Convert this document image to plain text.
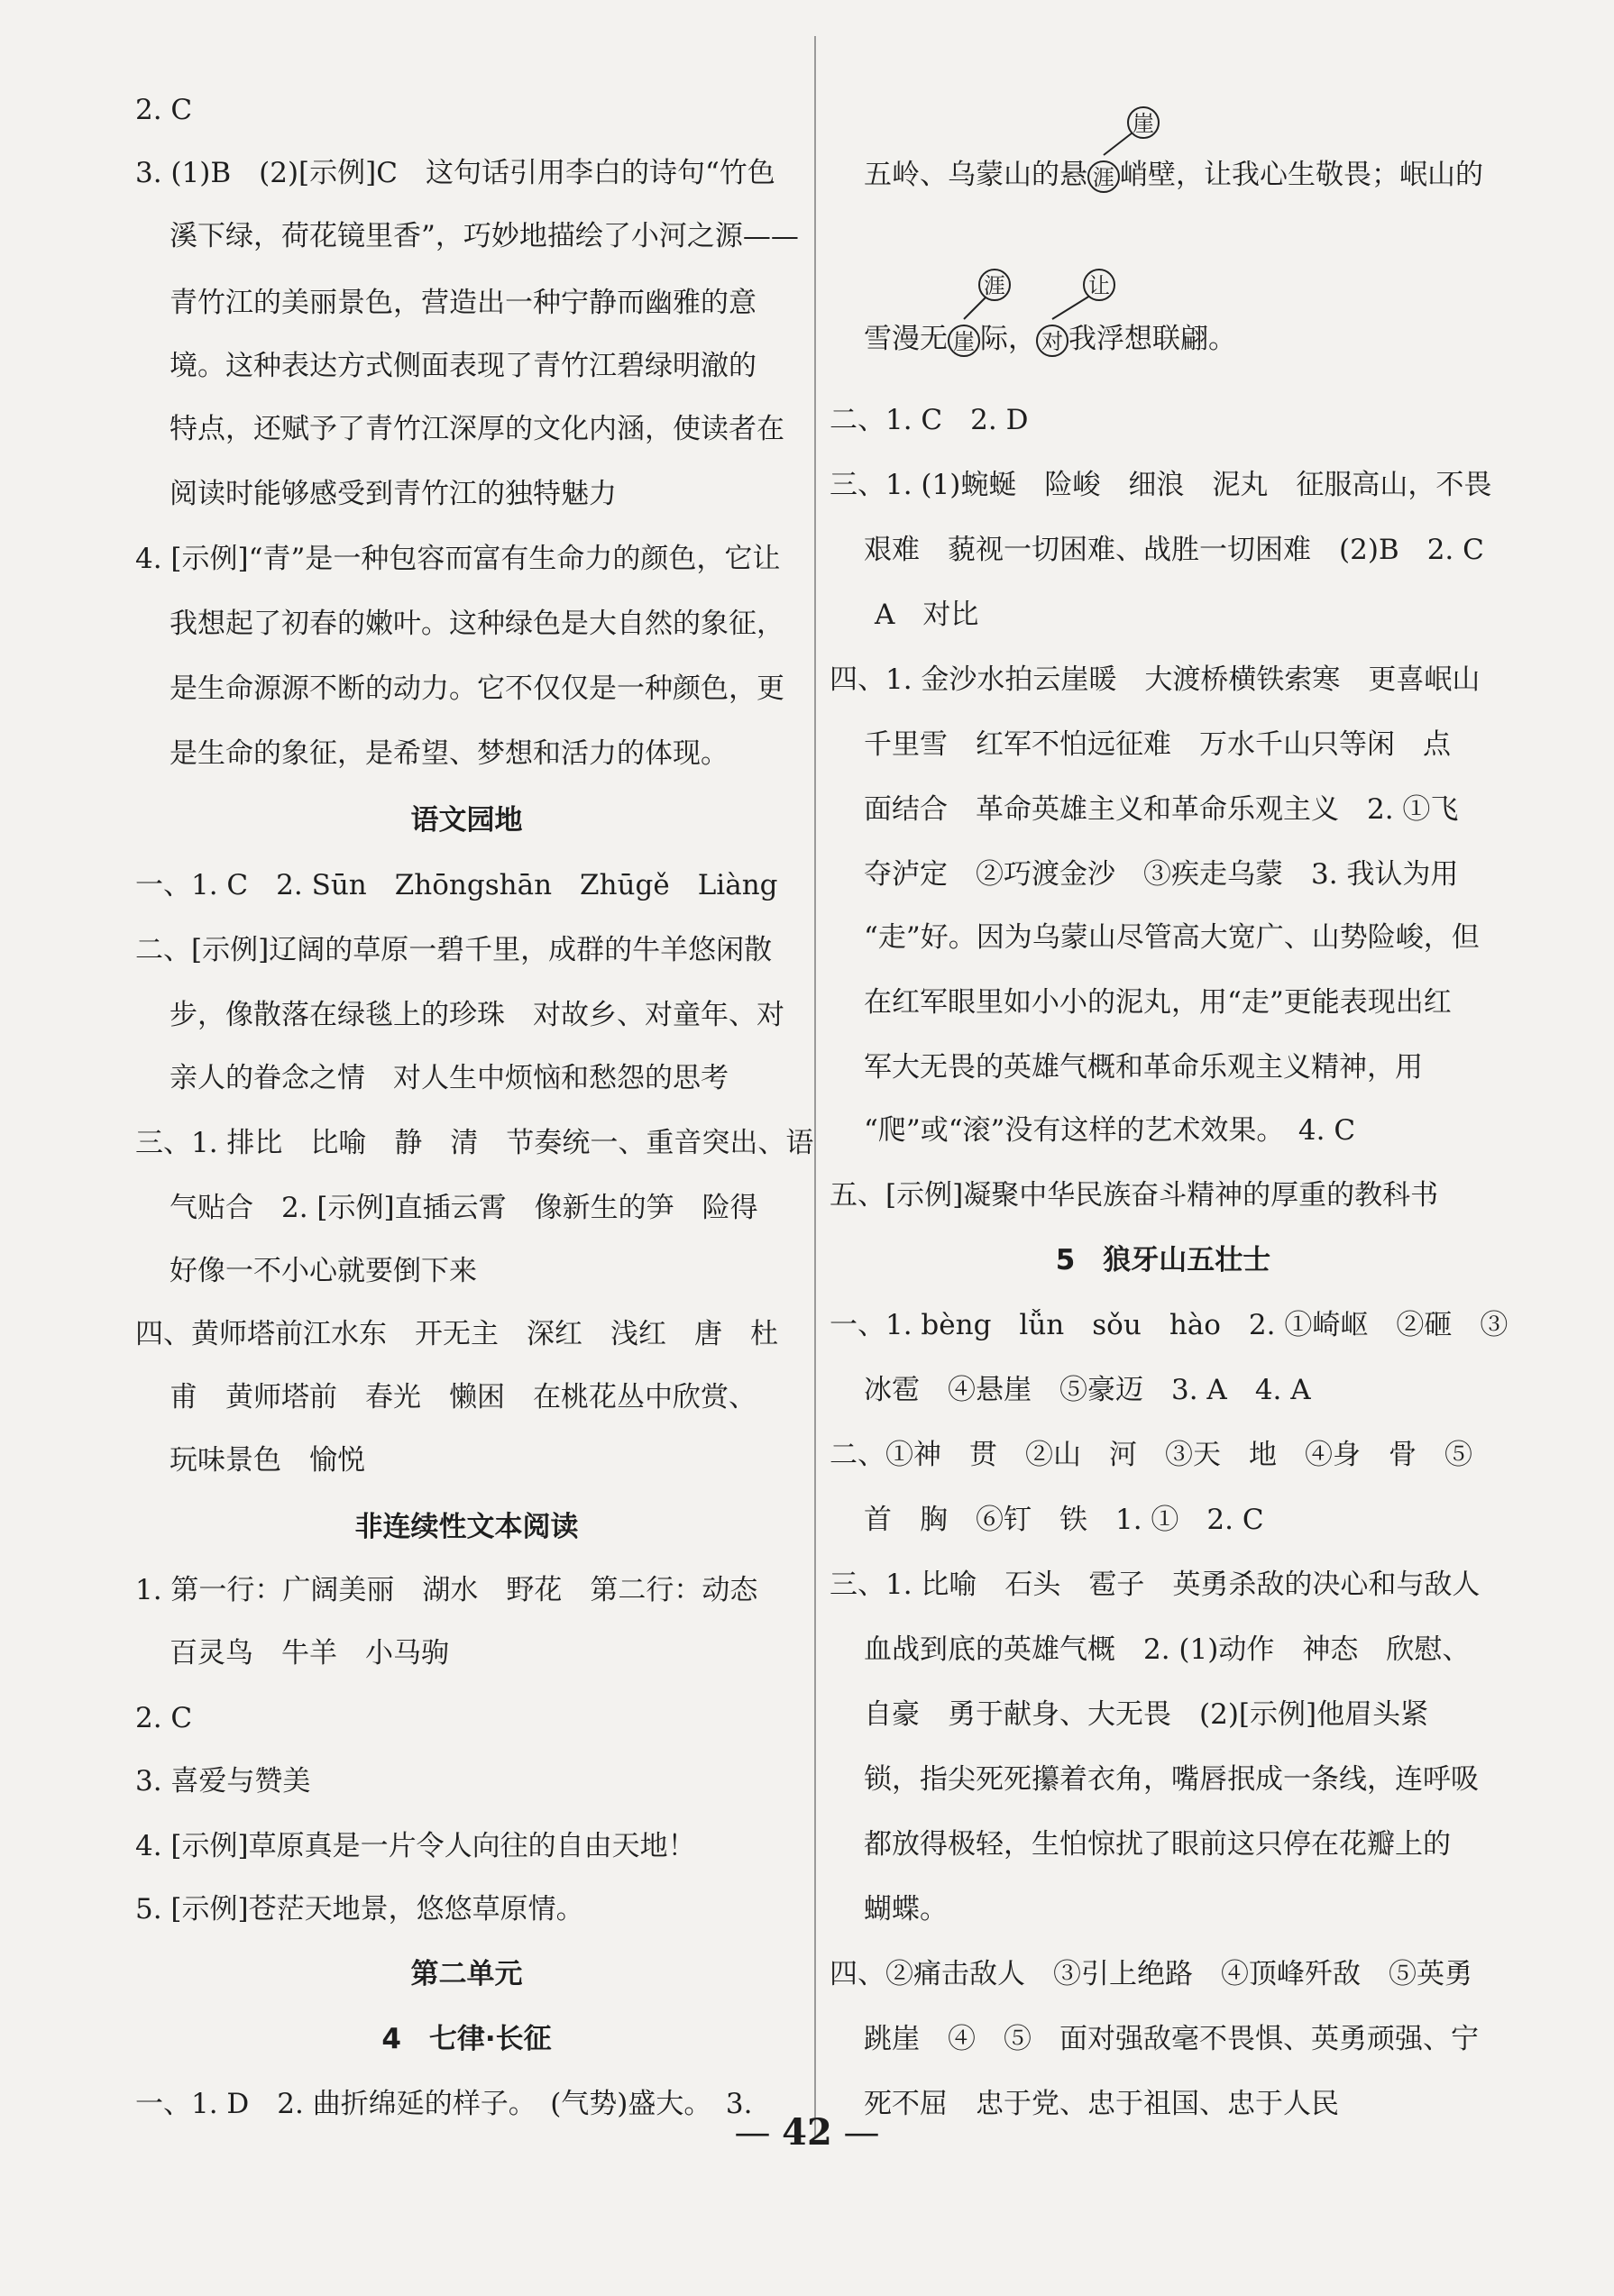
2. C
3. (1)B　(2)[示例]C　这句话引用李白的诗句“竹色
溪下绿，荷花镜里香”，巧妙地描绘了小河之源——
青竹江的美丽景色，营造出一种宁静而幽雅的意
境。这种表达方式侧面表现了青竹江碧绿明澈的
特点，还赋予了青竹江深厚的文化内涵，使读者在
阅读时能够感受到青竹江的独特魅力
4. [示例]“青”是一种包容而富有生命力的颜色，它让
我想起了初春的嫩叶。这种绿色是大自然的象征，
是生命源源不断的动力。它不仅仅是一种颜色，更
是生命的象征，是希望、梦想和活力的体现。
语文园地
一、1. C　2. Sūn　Zhōngshān　Zhūgě　Liàng
二、[示例]辽阔的草原一碧千里，成群的牛羊悠闲散
步，像散落在绿毯上的珍珠　对故乡、对童年、对
亲人的眷念之情　对人生中烦恼和愁怨的思考
三、1. 排比　比喻　静　清　节奏统一、重音突出、语
气贴合　2. [示例]直插云霄　像新生的笋　险得
好像一不小心就要倒下来
四、黄师塔前江水东　开无主　深红　浅红　唐　杜
甫　黄师塔前　春光　懒困　在桃花丛中欣赏、
玩味景色　愉悦
非连续性文本阅读
1. 第一行：广阔美丽　湖水　野花　第二行：动态
百灵鸟　牛羊　小马驹
2. C
3. 喜爱与赞美
4. [示例]草原真是一片令人向往的自由天地！
5. [示例]苍茫天地景，悠悠草原情。
第二单元
4　七律·长征
一、1. D　2. 曲折绵延的样子。　(气势)盛大。　3.
五岭、乌蒙山的悬 涯
崖
峭壁，让我心生敬畏；岷山的
雪漫无 崖
涯
际， 对
让
我浮想联翩。
二、1. C　2. D
三、1. (1)蜿蜒　险峻　细浪　泥丸　征服高山，不畏
艰难　藐视一切困难、战胜一切困难　(2)B　2. C
A　对比
四、1. 金沙水拍云崖暖　大渡桥横铁索寒　更喜岷山
千里雪　红军不怕远征难　万水千山只等闲　点
面结合　革命英雄主义和革命乐观主义　2. ①飞
夺泸定　②巧渡金沙　③疾走乌蒙　3. 我认为用
“走”好。因为乌蒙山尽管高大宽广、山势险峻，但
在红军眼里如小小的泥丸，用“走”更能表现出红
军大无畏的英雄气概和革命乐观主义精神，用
“爬”或“滚”没有这样的艺术效果。　4. C
五、[示例]凝聚中华民族奋斗精神的厚重的教科书
5　狼牙山五壮士
一、1. bèng　lǚn　sǒu　hào　2. ①崎岖　②砸　③
冰雹　④悬崖　⑤豪迈　3. A　4. A
二、①神　贯　②山　河　③天　地　④身　骨　⑤
首　胸　⑥钉　铁　1. ①　2. C
三、1. 比喻　石头　雹子　英勇杀敌的决心和与敌人
血战到底的英雄气概　2. (1)动作　神态　欣慰、
自豪　勇于献身、大无畏　(2)[示例]他眉头紧
锁，指尖死死攥着衣角，嘴唇抿成一条线，连呼吸
都放得极轻，生怕惊扰了眼前这只停在花瓣上的
蝴蝶。
四、②痛击敌人　③引上绝路　④顶峰歼敌　⑤英勇
跳崖　④　⑤　面对强敌毫不畏惧、英勇顽强、宁
死不屈　忠于党、忠于祖国、忠于人民
— 42 —
